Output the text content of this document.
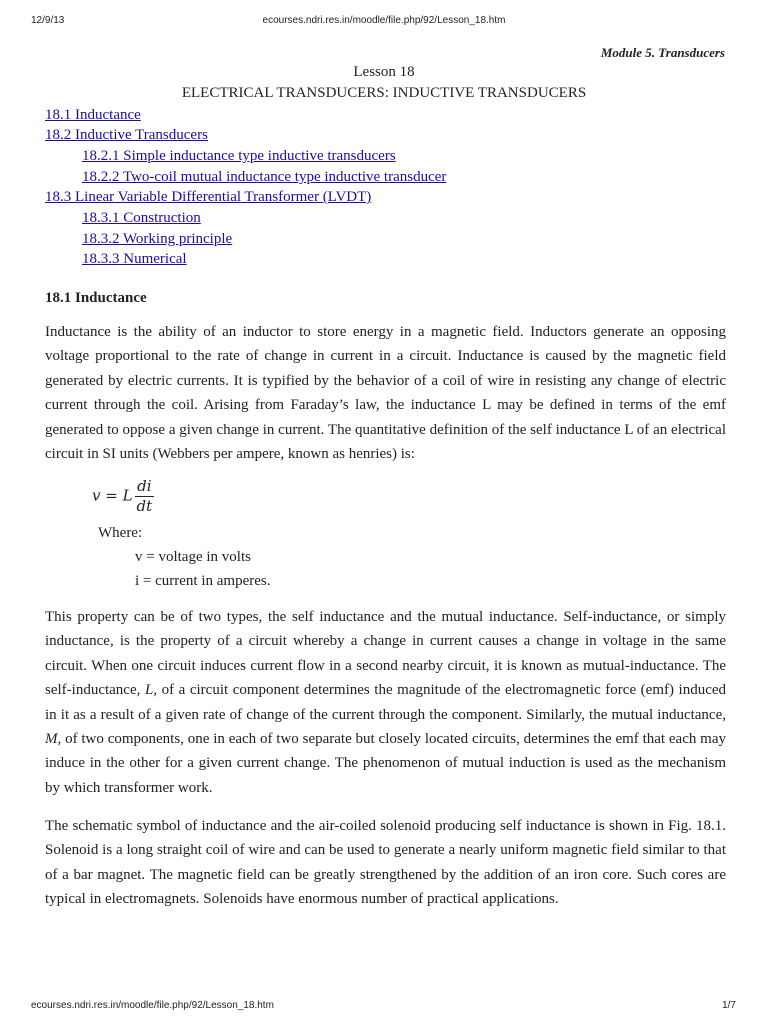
12/9/13	ecourses.ndri.res.in/moodle/file.php/92/Lesson_18.htm
Module 5. Transducers
Lesson 18
ELECTRICAL TRANSDUCERS: INDUCTIVE TRANSDUCERS
18.1 Inductance
18.2 Inductive Transducers
18.2.1 Simple inductance type inductive transducers
18.2.2 Two-coil mutual inductance type inductive transducer
18.3 Linear Variable Differential Transformer (LVDT)
18.3.1 Construction
18.3.2 Working principle
18.3.3 Numerical
18.1 Inductance

Inductance is the ability of an inductor to store energy in a magnetic field. Inductors generate an opposing voltage proportional to the rate of change in current in a circuit. Inductance is caused by the magnetic field generated by electric currents. It is typified by the behavior of a coil of wire in resisting any change of electric current through the coil. Arising from Faraday’s law, the inductance L may be defined in terms of the emf generated to oppose a given change in current. The quantitative definition of the self inductance L of an electrical circuit in SI units (Webbers per ampere, known as henries) is:

v = L $\frac{di}{dt}$
Where:
v = voltage in volts
i = current in amperes.

This property can be of two types, the self inductance and the mutual inductance. Self-inductance, or simply inductance, is the property of a circuit whereby a change in current causes a change in voltage in the same circuit. When one circuit induces current flow in a second nearby circuit, it is known as mutual-inductance. The self-inductance, L, of a circuit component determines the magnitude of the electromagnetic force (emf) induced in it as a result of a given rate of change of the current through the component. Similarly, the mutual inductance, M, of two components, one in each of two separate but closely located circuits, determines the emf that each may induce in the other for a given current change. The phenomenon of mutual induction is used as the mechanism by which transformer work.

The schematic symbol of inductance and the air-coiled solenoid producing self inductance is shown in Fig. 18.1. Solenoid is a long straight coil of wire and can be used to generate a nearly uniform magnetic field similar to that of a bar magnet. The magnetic field can be greatly strengthened by the addition of an iron core. Such cores are typical in electromagnets. Solenoids have enormous number of practical applications.

ecourses.ndri.res.in/moodle/file.php/92/Lesson_18.htm	1/7
